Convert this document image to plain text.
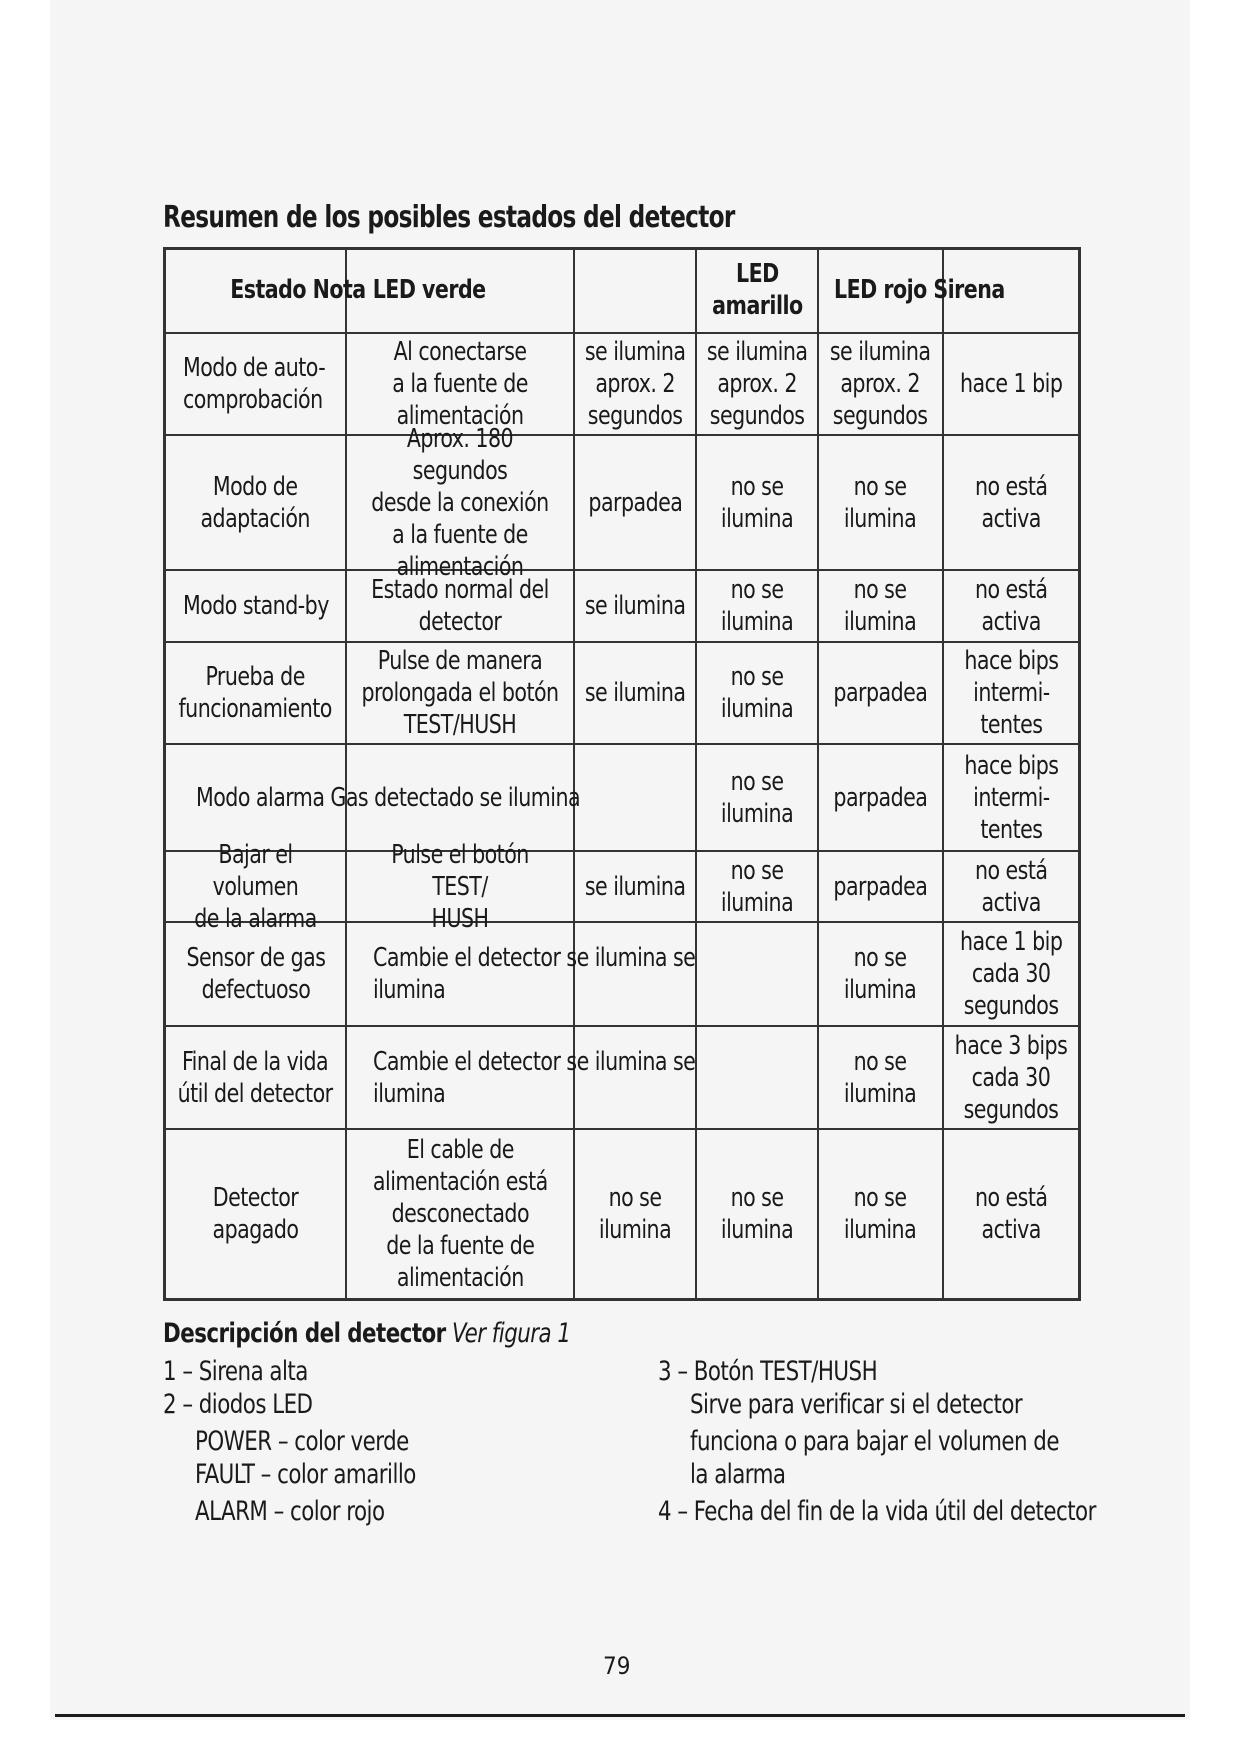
Resumen de los posibles estados del detector
Estado Nota LED verde
LED
amarillo
LED rojo Sirena
Modo de auto-
comprobación
Al conectarse
a la fuente de
alimentación
se ilumina
aprox. 2
segundos
se ilumina
aprox. 2
segundos
se ilumina
aprox. 2
segundos
hace 1 bip
Modo de
adaptación
Aprox. 180 segundos
desde la conexión
a la fuente de
alimentación
parpadea
no se
ilumina
no se
ilumina
no está
activa
Modo stand-by
Estado normal del
detector
se ilumina
no se
ilumina
no se
ilumina
no está
activa
Prueba de
funcionamiento
Pulse de manera
prolongada el botón
TEST/HUSH
se ilumina
no se
ilumina
parpadea
hace bips
intermi-
tentes
Modo alarma Gas detectado se ilumina
no se
ilumina
parpadea
hace bips
intermi-
tentes
Bajar el volumen
de la alarma
Pulse el botón TEST/
HUSH
se ilumina
no se
ilumina
parpadea
no está
activa
Sensor de gas
defectuoso
Cambie el detector se ilumina se ilumina
no se
ilumina
hace 1 bip
cada 30
segundos
Final de la vida
útil del detector
Cambie el detector se ilumina se ilumina
no se
ilumina
hace 3 bips
cada 30
segundos
Detector apagado
El cable de
alimentación está
desconectado
de la fuente de
alimentación
no se
ilumina
no se
ilumina
no se
ilumina
no está
activa
Descripción del detector Ver figura 1
1 – Sirena alta
2 – diodos LED
POWER – color verde
FAULT – color amarillo
ALARM – color rojo
3 – Botón TEST/HUSH
Sirve para verificar si el detector
funciona o para bajar el volumen de
la alarma
4 – Fecha del fin de la vida útil del detector
79
